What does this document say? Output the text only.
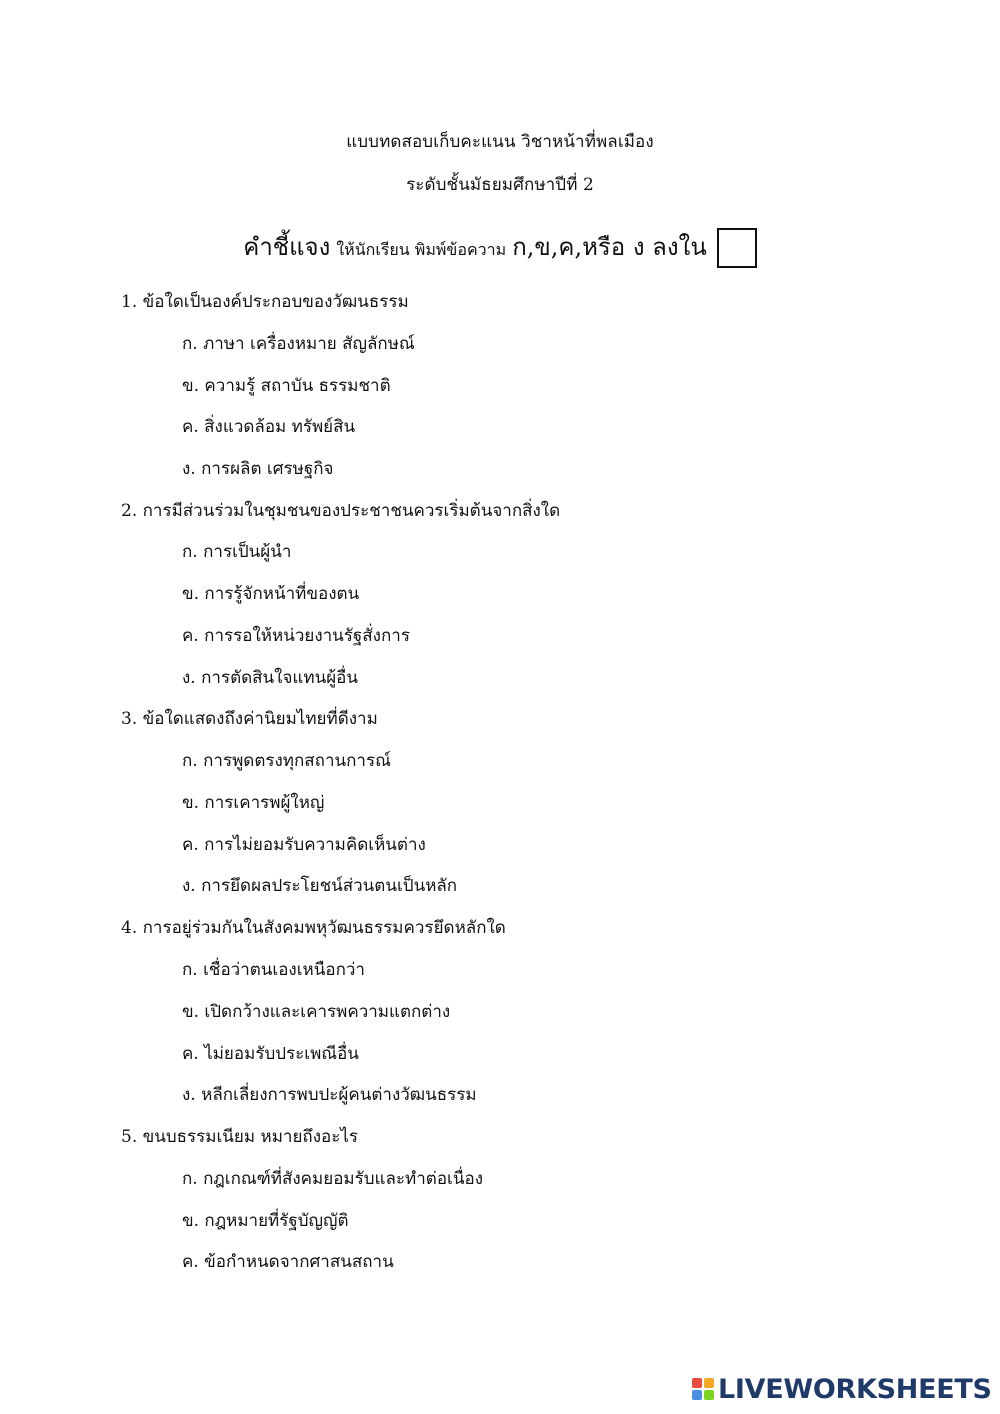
แบบทดสอบเก็บคะแนน วิชาหน้าที่พลเมือง
ระดับชั้นมัธยมศึกษาปีที่ 2
คำชี้แจง ให้นักเรียน พิมพ์ข้อความ ก,ข,ค,หรือ ง ลงใน
1. ข้อใดเป็นองค์ประกอบของวัฒนธรรม
ก. ภาษา เครื่องหมาย สัญลักษณ์
ข. ความรู้ สถาบัน ธรรมชาติ
ค. สิ่งแวดล้อม ทรัพย์สิน
ง. การผลิต เศรษฐกิจ
2. การมีส่วนร่วมในชุมชนของประชาชนควรเริ่มต้นจากสิ่งใด
ก. การเป็นผู้นำ
ข. การรู้จักหน้าที่ของตน
ค. การรอให้หน่วยงานรัฐสั่งการ
ง. การตัดสินใจแทนผู้อื่น
3. ข้อใดแสดงถึงค่านิยมไทยที่ดีงาม
ก. การพูดตรงทุกสถานการณ์
ข. การเคารพผู้ใหญ่
ค. การไม่ยอมรับความคิดเห็นต่าง
ง. การยึดผลประโยชน์ส่วนตนเป็นหลัก
4. การอยู่ร่วมกันในสังคมพหุวัฒนธรรมควรยึดหลักใด
ก. เชื่อว่าตนเองเหนือกว่า
ข. เปิดกว้างและเคารพความแตกต่าง
ค. ไม่ยอมรับประเพณีอื่น
ง. หลีกเลี่ยงการพบปะผู้คนต่างวัฒนธรรม
5. ขนบธรรมเนียม หมายถึงอะไร
ก. กฎเกณฑ์ที่สังคมยอมรับและทำต่อเนื่อง
ข. กฎหมายที่รัฐบัญญัติ
ค. ข้อกำหนดจากศาสนสถาน
LIVEWORKSHEETS
